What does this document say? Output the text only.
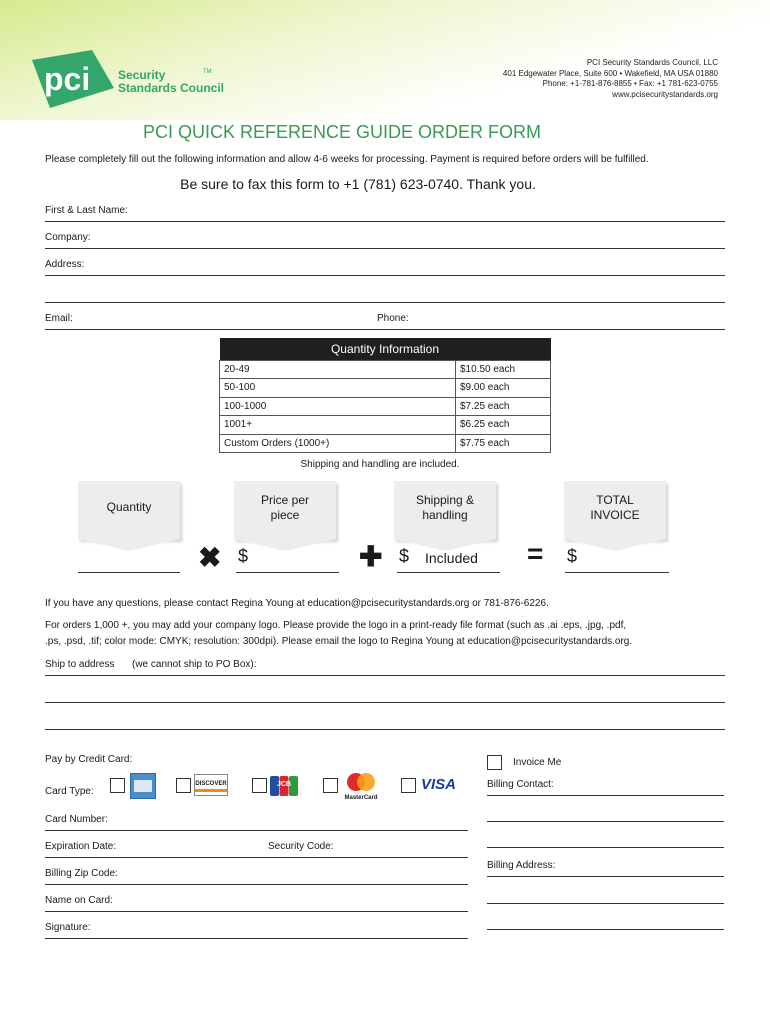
pci Security
Standards Council
TM
PCI Security Standards Council, LLC
401 Edgewater Place, Suite 600 • Wakefield, MA USA 01880
Phone: +1-781-876-8855 • Fax: +1 781-623-0755
www.pcisecuritystandards.org
PCI QUICK REFERENCE GUIDE ORDER FORM
Please completely fill out the following information and allow 4-6 weeks for processing. Payment is required before orders will be fulfilled.
Be sure to fax this form to +1 (781) 623-0740. Thank you.
First & Last Name:
Company:
Address:
Email:	Phone:
Quantity Information	
20-49	$10.50 each
50-100	$9.00 each
100-1000	$7.25 each
1001+	$6.25 each
Custom Orders (1000+)	$7.75 each
Shipping and handling are included.
Quantity	Price per
piece
Shipping &
handling
TOTAL
INVOICE
✖ $	✚ $ Included = $
If you have any questions, please contact Regina Young at education@pcisecuritystandards.org or 781-876-6226.
For orders 1,000 +, you may add your company logo. Please provide the logo in a print-ready file format (such as .ai .eps, .jpg, .pdf,
.ps, .psd, .tif; color mode: CMYK; resolution: 300dpi). Please email the logo to Regina Young at education@pcisecuritystandards.org.
Ship to address (we cannot ship to PO Box):
Pay by Credit Card:
Card Type:
DISCOVER	JCB
MasterCard
VISA
Card Number:
Expiration Date:	Security Code:
Billing Zip Code:
Name on Card:
Signature:
Invoice Me
Billing Contact:
Billing Address:
